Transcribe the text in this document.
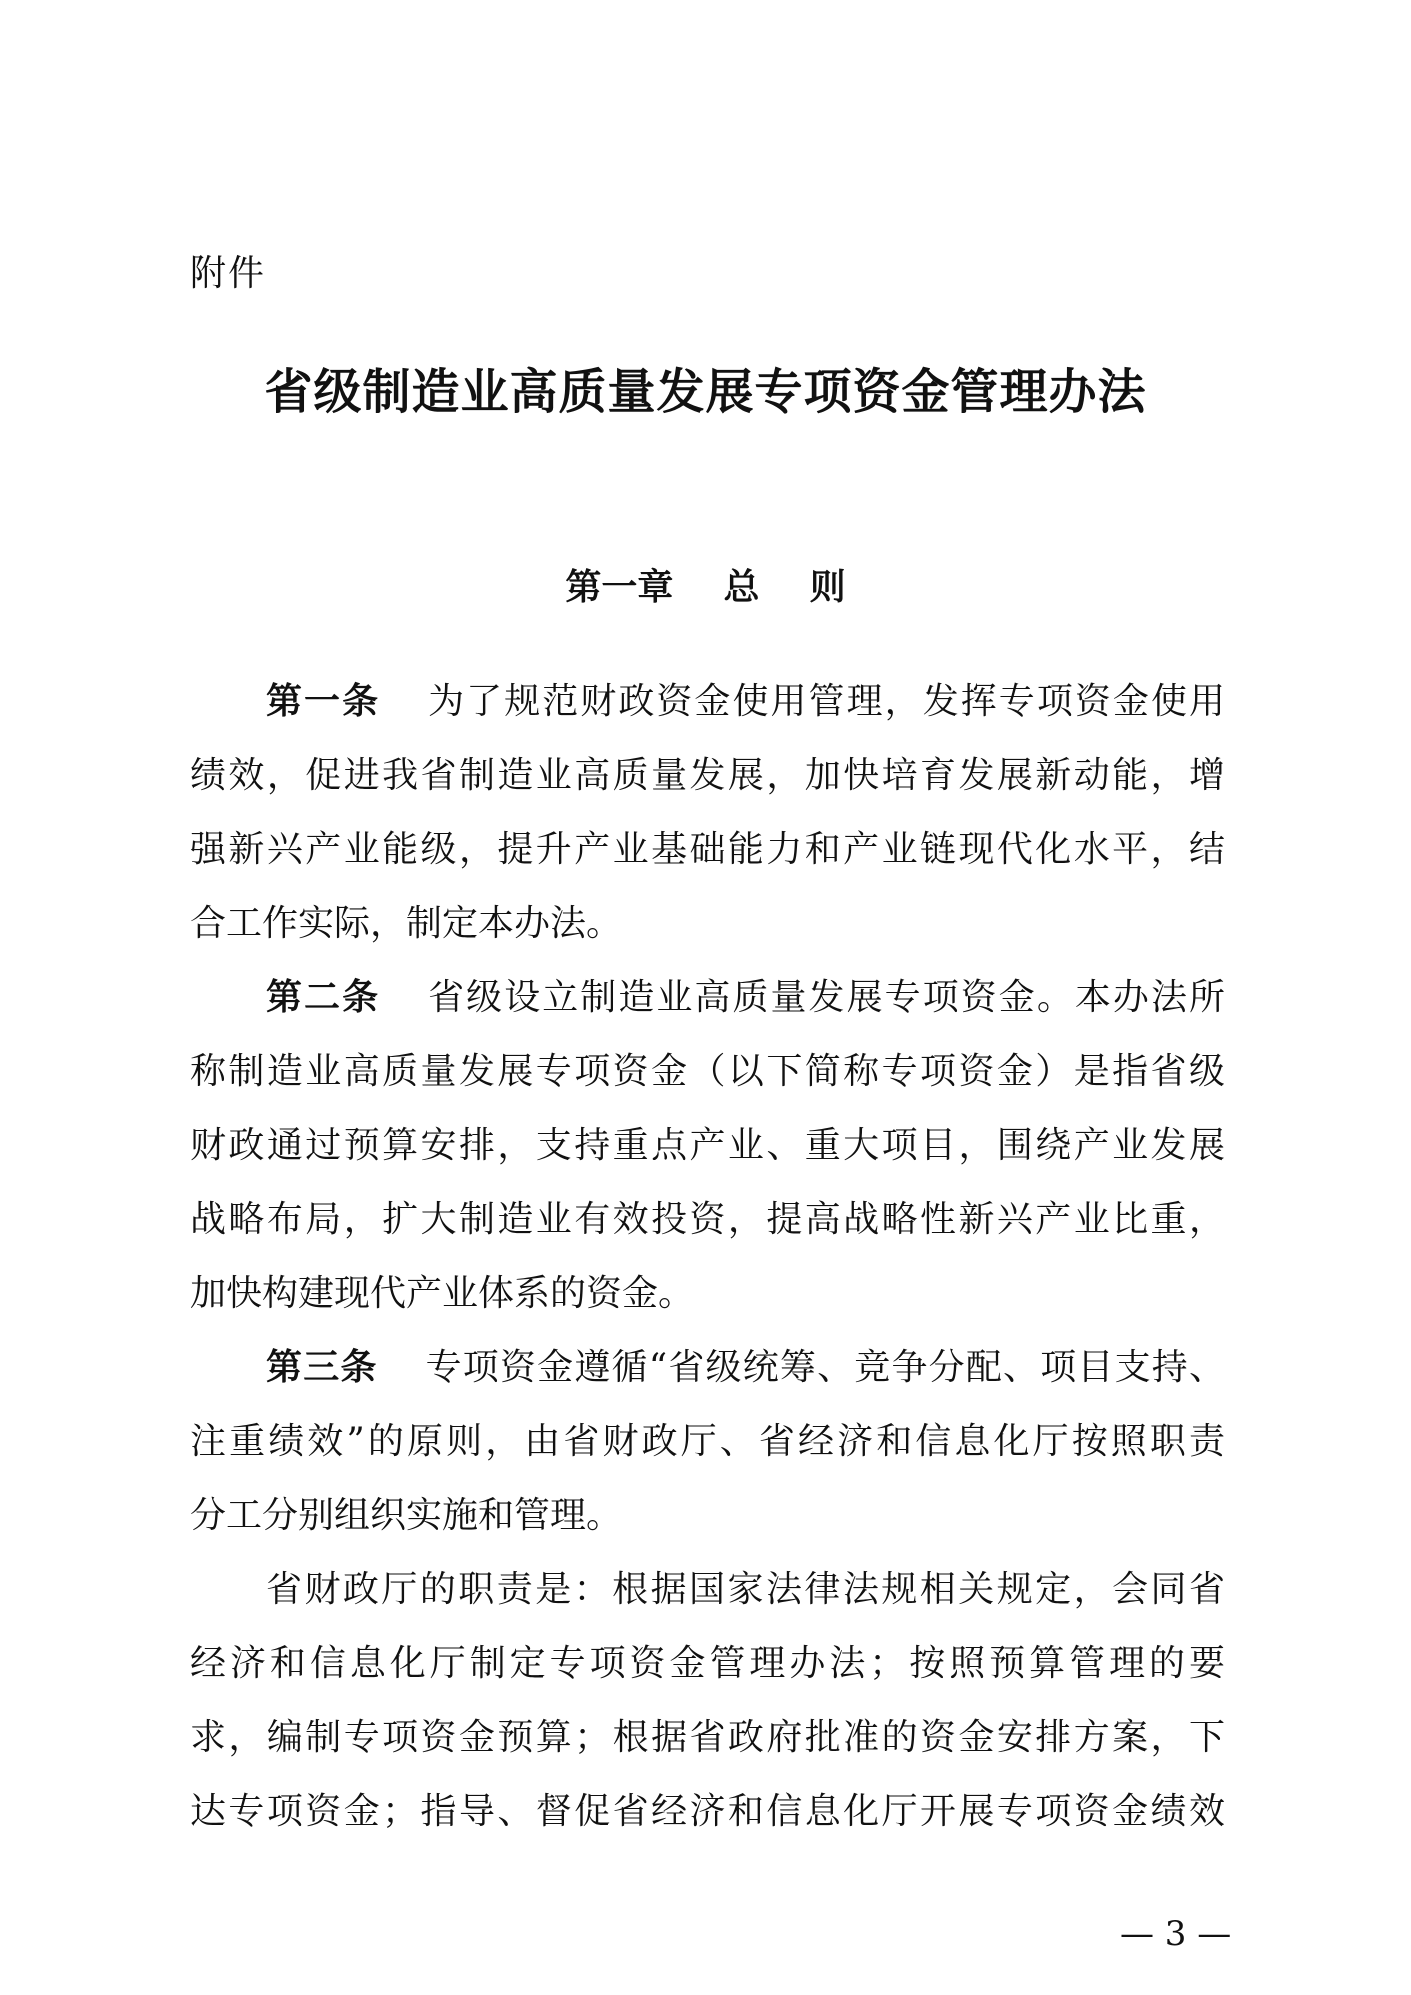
附件
省级制造业高质量发展专项资金管理办法
第一章    总    则
第一条 为了规范财政资金使用管理，发挥专项资金使用
绩效，促进我省制造业高质量发展，加快培育发展新动能，增
强新兴产业能级，提升产业基础能力和产业链现代化水平，结
合工作实际，制定本办法。
第二条 省级设立制造业高质量发展专项资金。本办法所
称制造业高质量发展专项资金（以下简称专项资金）是指省级
财政通过预算安排，支持重点产业、重大项目，围绕产业发展
战略布局，扩大制造业有效投资，提高战略性新兴产业比重，
加快构建现代产业体系的资金。
第三条 专项资金遵循“省级统筹、竞争分配、项目支持、
注重绩效”的原则，由省财政厅、省经济和信息化厅按照职责
分工分别组织实施和管理。
省财政厅的职责是：根据国家法律法规相关规定，会同省
经济和信息化厅制定专项资金管理办法；按照预算管理的要
求，编制专项资金预算；根据省政府批准的资金安排方案，下
达专项资金；指导、督促省经济和信息化厅开展专项资金绩效
— 3 —
